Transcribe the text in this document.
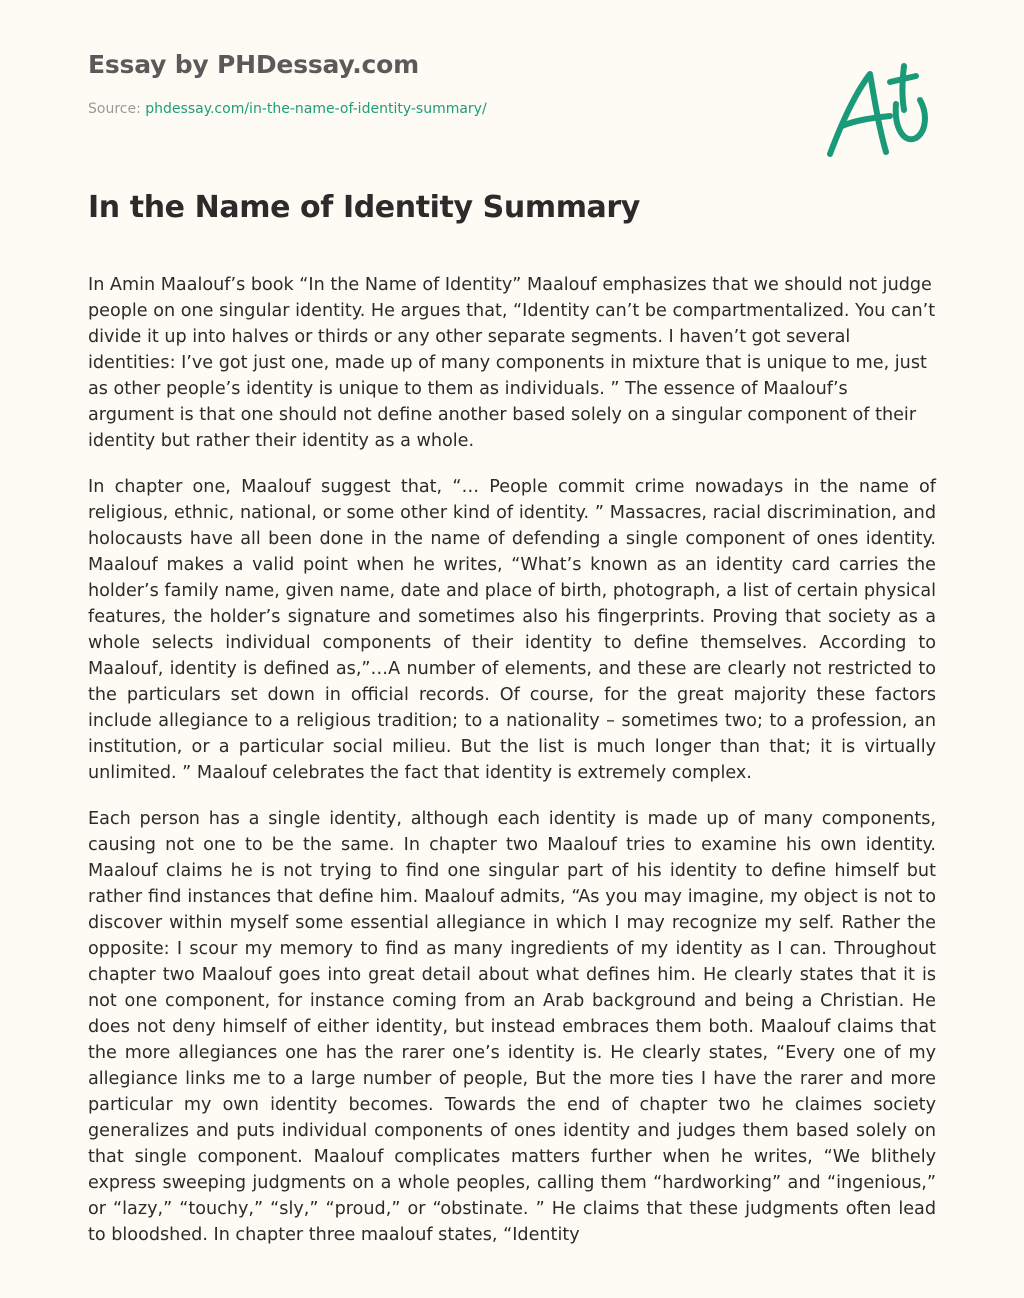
Essay by PHDessay.com
Source: phdessay.com/in-the-name-of-identity-summary/
In the Name of Identity Summary

In Amin Maalouf’s book “In the Name of Identity” Maalouf emphasizes that we should not judge people on one singular identity. He argues that, “Identity can’t be compartmentalized. You can’t divide it up into halves or thirds or any other separate segments. I haven’t got several identities: I’ve got just one, made up of many components in mixture that is unique to me, just as other people’s identity is unique to them as individuals. ” The essence of Maalouf’s argument is that one should not define another based solely on a singular component of their identity but rather their identity as a whole.

In chapter one, Maalouf suggest that, “… People commit crime nowadays in the name of religious, ethnic, national, or some other kind of identity. ” Massacres, racial discrimination, and holocausts have all been done in the name of defending a single component of ones identity. Maalouf makes a valid point when he writes, “What’s known as an identity card carries the holder’s family name, given name, date and place of birth, photograph, a list of certain physical features, the holder’s signature and sometimes also his fingerprints. Proving that society as a whole selects individual components of their identity to define themselves. According to Maalouf, identity is defined as,”…A number of elements, and these are clearly not restricted to the particulars set down in official records. Of course, for the great majority these factors include allegiance to a religious tradition; to a nationality – sometimes two; to a profession, an institution, or a particular social milieu. But the list is much longer than that; it is virtually unlimited. ” Maalouf celebrates the fact that identity is extremely complex.

Each person has a single identity, although each identity is made up of many components, causing not one to be the same. In chapter two Maalouf tries to examine his own identity. Maalouf claims he is not trying to find one singular part of his identity to define himself but rather find instances that define him. Maalouf admits, “As you may imagine, my object is not to discover within myself some essential allegiance in which I may recognize my self. Rather the opposite: I scour my memory to find as many ingredients of my identity as I can. Throughout chapter two Maalouf goes into great detail about what defines him. He clearly states that it is not one component, for instance coming from an Arab background and being a Christian. He does not deny himself of either identity, but instead embraces them both. Maalouf claims that the more allegiances one has the rarer one’s identity is. He clearly states, “Every one of my allegiance links me to a large number of people, But the more ties I have the rarer and more particular my own identity becomes. Towards the end of chapter two he claimes society generalizes and puts individual components of ones identity and judges them based solely on that single component. Maalouf complicates matters further when he writes, “We blithely express sweeping judgments on a whole peoples, calling them “hardworking” and “ingenious,” or “lazy,” “touchy,” “sly,” “proud,” or “obstinate. ” He claims that these judgments often lead to bloodshed. In chapter three maalouf states, “Identity
